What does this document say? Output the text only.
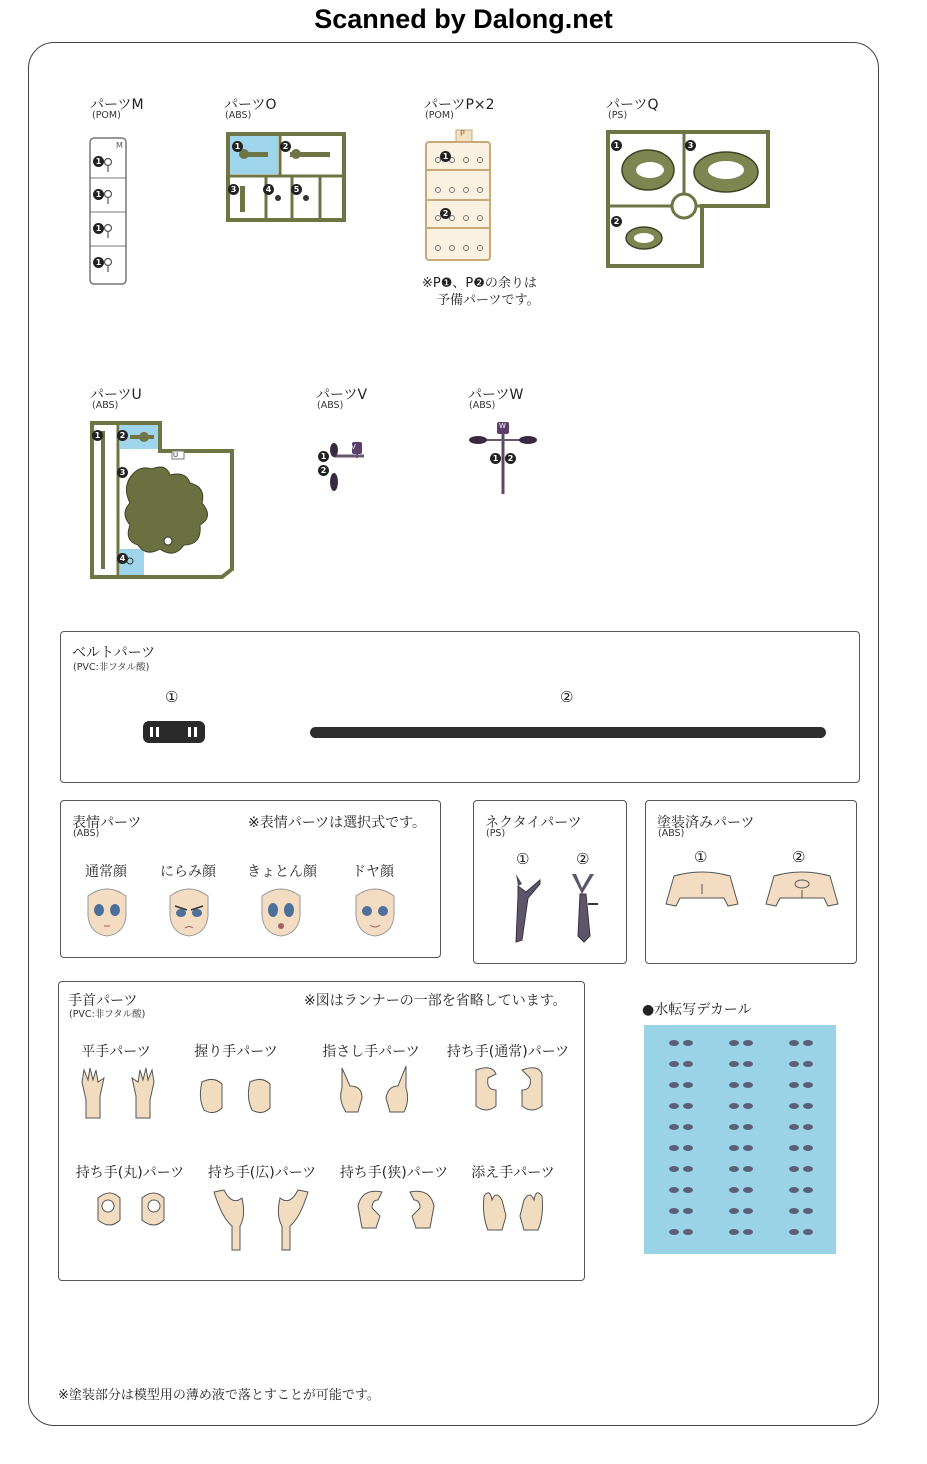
Scanned by Dalong.net
パーツM
(POM)
M
1
1
1
1
パーツO
(ABS)
1	2
3	4	5
パーツP×2
(POM)
P
1
2
※P❶、P❷の余りは
予備パーツです。
パーツQ
(PS)
1
2
3
パーツU
(ABS)
U
1	2
3
4
パーツV
(ABS)
V
1
2
パーツW
(ABS)
W
1	2
ベルトパーツ
(PVC:非フタル酸)
①	②
表情パーツ
(ABS)
※表情パーツは選択式です。
通常顔	にらみ顔 きょとん顔	ドヤ顔
ネクタイパーツ
(PS)
①	②
塗装済みパーツ
(ABS)
①	②
手首パーツ
(PVC:非フタル酸)
※図はランナーの一部を省略しています。
平手パーツ	握り手パーツ	指さし手パーツ	持ち手(通常)パーツ
持ち手(丸)パーツ 持ち手(広)パーツ 持ち手(狭)パーツ 添え手パーツ
●水転写デカール
※塗装部分は模型用の薄め液で落とすことが可能です。
